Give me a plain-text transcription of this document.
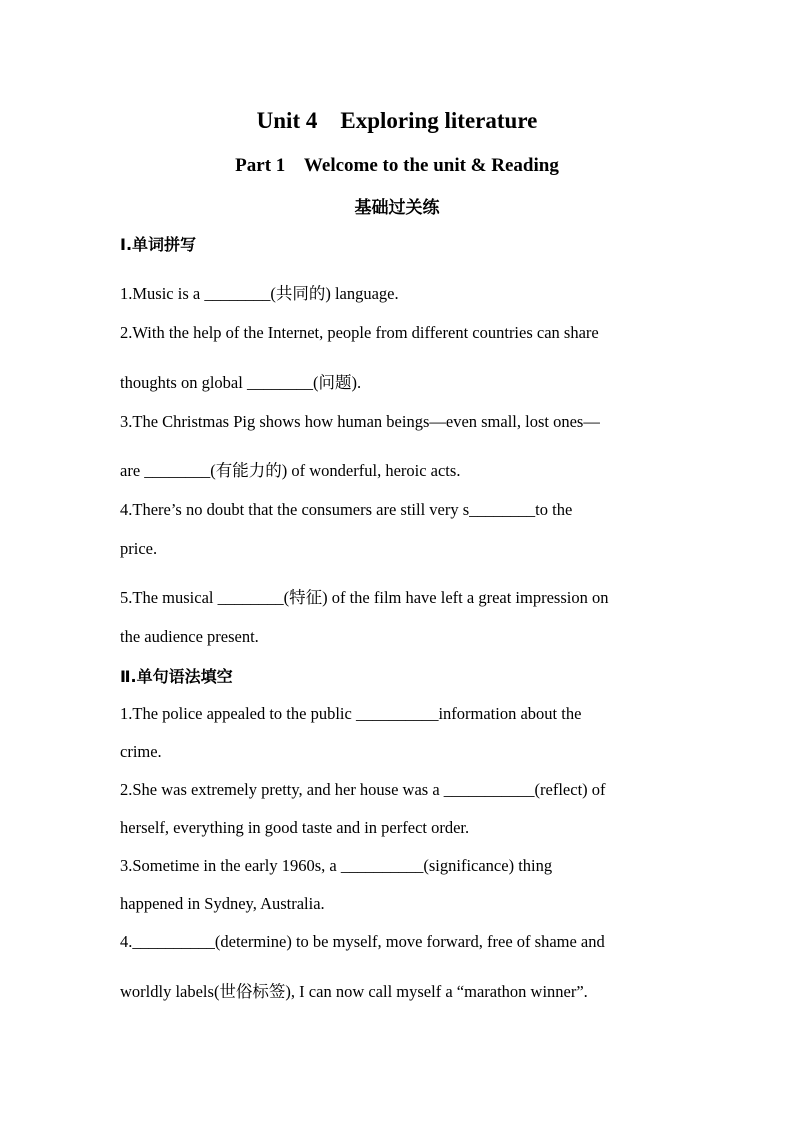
Unit 4    Exploring literature
Part 1    Welcome to the unit & Reading
基础过关练
Ⅰ.单词拼写
1.Music is a ________(共同的) language.
2.With the help of the Internet, people from different countries can share
thoughts on global ________(问题).
3.The Christmas Pig shows how human beings—even small, lost ones—
are ________(有能力的) of wonderful, heroic acts.
4.There’s no doubt that the consumers are still very s________to the
price.
5.The musical ________(特征) of the film have left a great impression on
the audience present.
Ⅱ.单句语法填空
1.The police appealed to the public __________information about the
crime.
2.She was extremely pretty, and her house was a ___________(reflect) of
herself, everything in good taste and in perfect order.
3.Sometime in the early 1960s, a __________(significance) thing
happened in Sydney, Australia.
4.__________(determine) to be myself, move forward, free of shame and
worldly labels(世俗标签), I can now call myself a “marathon winner”.
